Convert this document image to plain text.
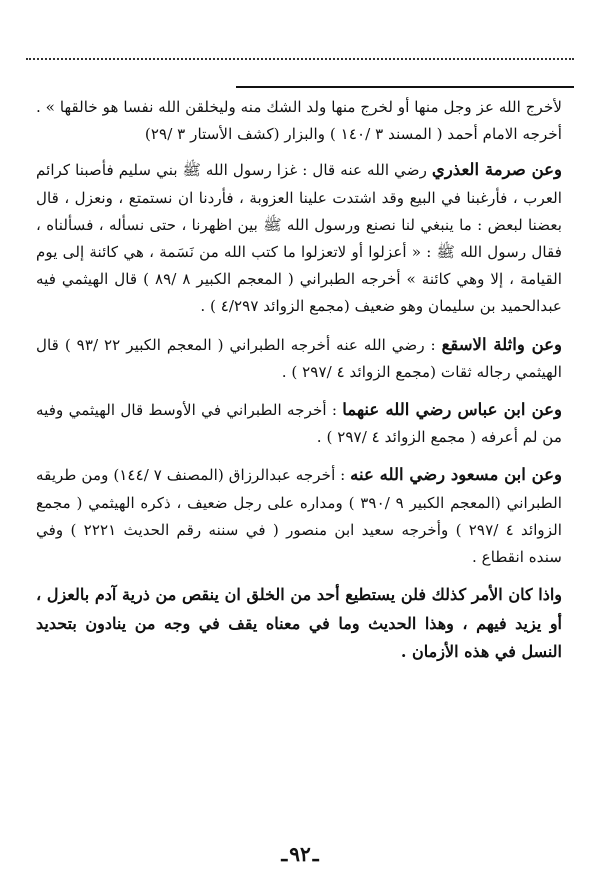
لأخرج الله عز وجل منها أو لخرج منها ولد الشك منه وليخلقن الله نفسا هو خالقها » . أخرجه الامام أحمد ( المسند ٣ /١٤٠ ) والبزار (كشف الأستار ٣ /٢٩)

وعن صرمة العذري رضي الله عنه قال : غزا رسول الله ﷺ بني سليم فأصبنا كرائم العرب ، فأرغبنا في البيع وقد اشتدت علينا العزوبة ، فأردنا ان نستمتع ، ونعزل ، قال بعضنا لبعض : ما ينبغي لنا نصنع ورسول الله ﷺ بين اظهرنا ، حتى نسأله ، فسألناه ، فقال رسول الله ﷺ : « أعزلوا أو لاتعزلوا ما كتب الله من نَسَمة ، هي كائنة إلى يوم القيامة ، إلا وهي كائنة » أخرجه الطبراني ( المعجم الكبير ٨ /٨٩ ) قال الهيثمي فيه عبدالحميد بن سليمان وهو ضعيف (مجمع الزوائد ٤/٢٩٧ ) .

وعن واثلة الاسقع : رضي الله عنه أخرجه الطبراني ( المعجم الكبير ٢٢ /٩٣ ) قال الهيثمي رجاله ثقات (مجمع الزوائد ٤ /٢٩٧ ) .

وعن ابن عباس رضي الله عنهما : أخرجه الطبراني في الأوسط قال الهيثمي وفيه من لم أعرفه ( مجمع الزوائد ٤ /٢٩٧ ) .

وعن ابن مسعود رضي الله عنه : أخرجه عبدالرزاق (المصنف ٧ /١٤٤) ومن طريقه الطبراني (المعجم الكبير ٩ /٣٩٠ ) ومداره على رجل ضعيف ، ذكره الهيثمي ( مجمع الزوائد ٤ /٢٩٧ ) وأخرجه سعيد ابن منصور ( في سننه رقم الحديث ٢٢٢١ ) وفي سنده انقطاع .

واذا كان الأمر كذلك فلن يستطيع أحد من الخلق ان ينقص من ذرية آدم بالعزل ، أو يزيد فيهم ، وهذا الحديث وما في معناه يقف في وجه من ينادون بتحديد النسل في هذه الأزمان .

ـ٩٢ـ
